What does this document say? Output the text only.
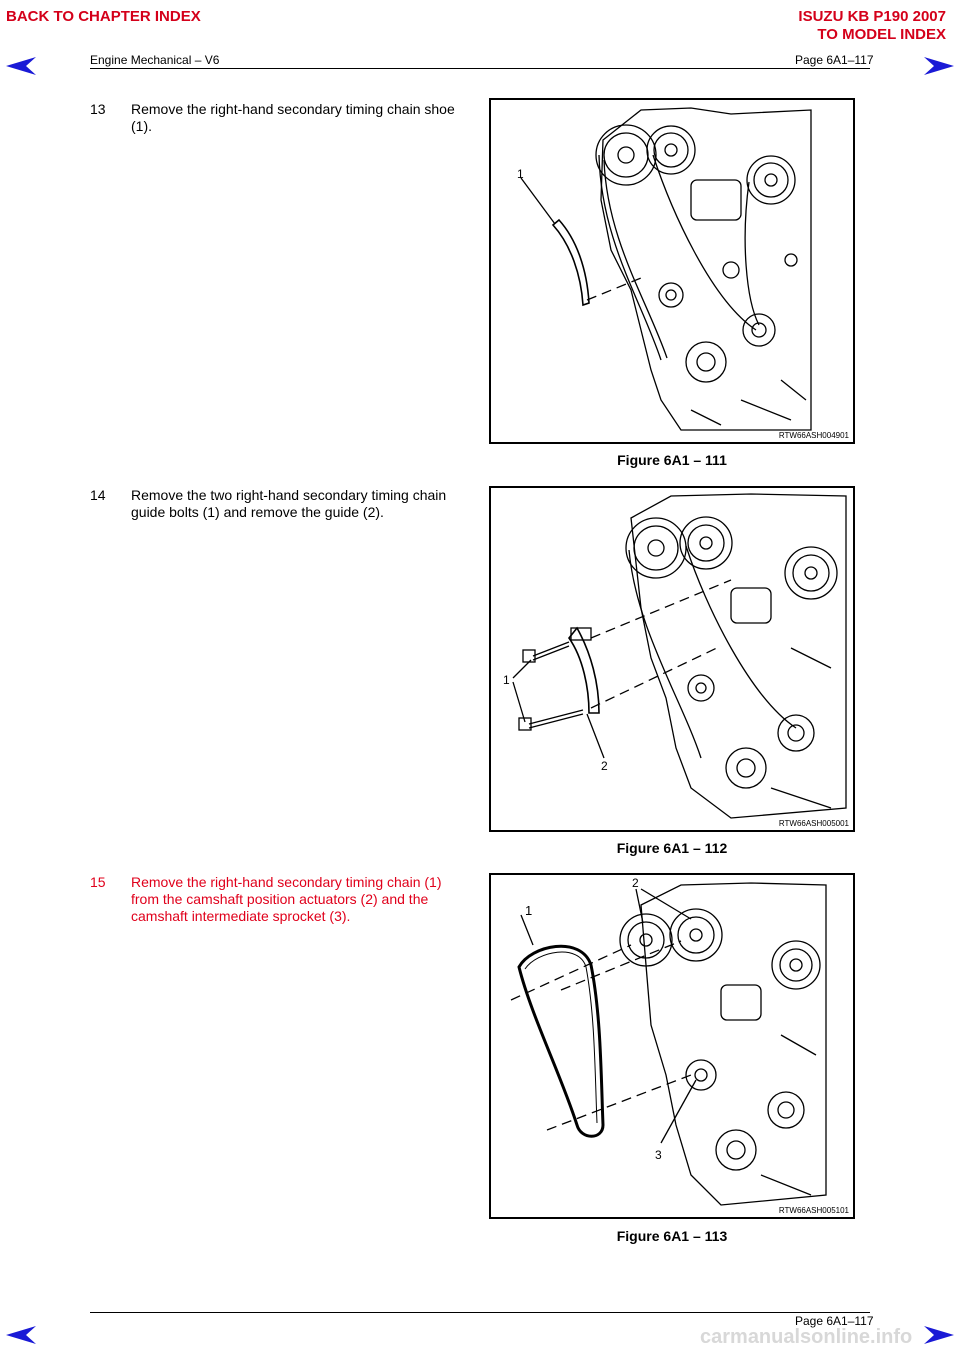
BACK TO CHAPTER INDEX	ISUZU KB P190 2007
TO MODEL INDEX
Engine Mechanical – V6	Page 6A1–117
13 Remove the right-hand secondary timing chain shoe (1).
1
RTW66ASH004901
Figure 6A1 – 111
14 Remove the two right-hand secondary timing chain guide bolts (1) and remove the guide (2).
1
2
RTW66ASH005001
Figure 6A1 – 112
15 Remove the right-hand secondary timing chain (1) from the camshaft position actuators (2) and the camshaft intermediate sprocket (3).	1
2
3
RTW66ASH005101
Figure 6A1 – 113
Page 6A1–117
carmanualsonline.info
